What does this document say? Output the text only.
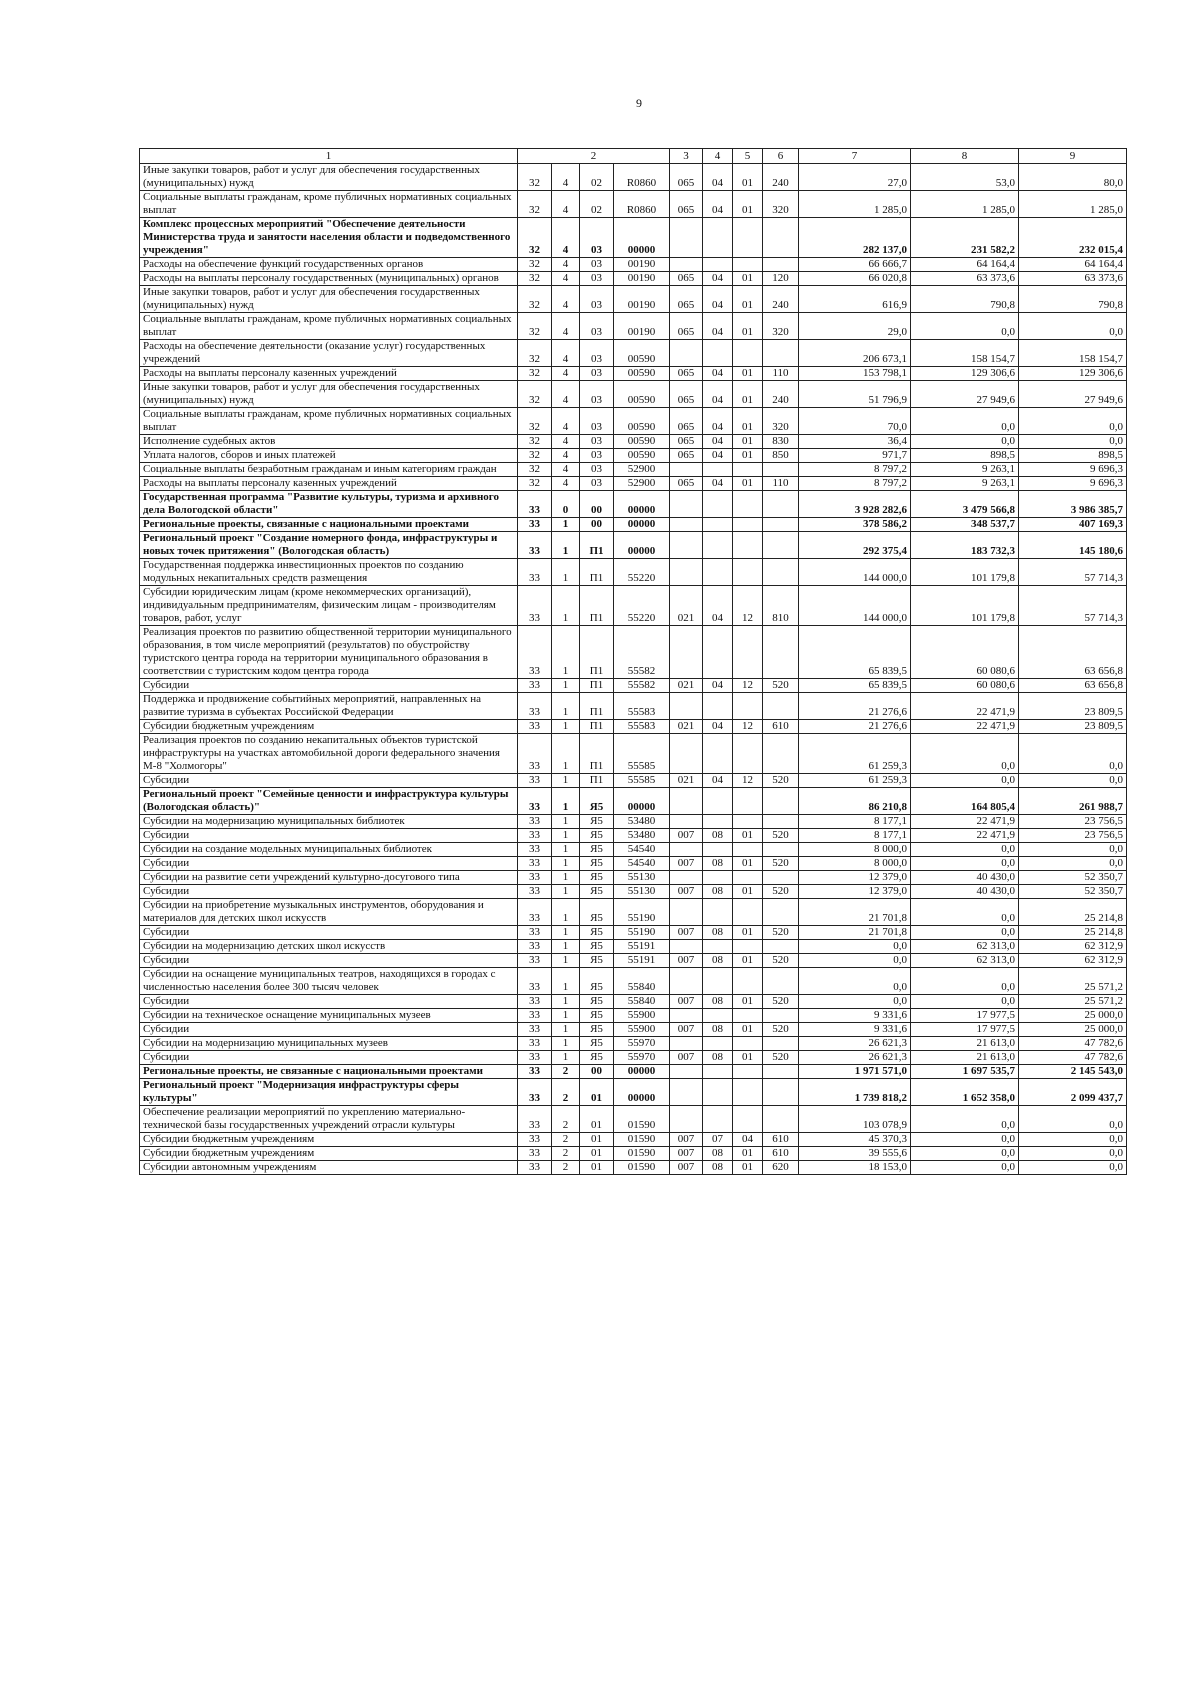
9
1	2				3	4	5	6	7	8	9
Иные закупки товаров, работ и услуг для обеспечения государственных (муниципальных) нужд	32	4	02	R0860	065	04	01	240	27,0	53,0	80,0
Социальные выплаты гражданам, кроме публичных нормативных социальных выплат	32	4	02	R0860	065	04	01	320	1 285,0	1 285,0	1 285,0
Комплекс процессных мероприятий "Обеспечение деятельности Министерства труда и занятости населения области и подведомственного учреждения"	32	4	03	00000					282 137,0	231 582,2	232 015,4
Расходы на обеспечение функций государственных органов	32	4	03	00190					66 666,7	64 164,4	64 164,4
Расходы на выплаты персоналу государственных (муниципальных) органов	32	4	03	00190	065	04	01	120	66 020,8	63 373,6	63 373,6
Иные закупки товаров, работ и услуг для обеспечения государственных (муниципальных) нужд	32	4	03	00190	065	04	01	240	616,9	790,8	790,8
Социальные выплаты гражданам, кроме публичных нормативных социальных выплат	32	4	03	00190	065	04	01	320	29,0	0,0	0,0
Расходы на обеспечение деятельности (оказание услуг) государственных учреждений	32	4	03	00590					206 673,1	158 154,7	158 154,7
Расходы на выплаты персоналу казенных учреждений	32	4	03	00590	065	04	01	110	153 798,1	129 306,6	129 306,6
Иные закупки товаров, работ и услуг для обеспечения государственных (муниципальных) нужд	32	4	03	00590	065	04	01	240	51 796,9	27 949,6	27 949,6
Социальные выплаты гражданам, кроме публичных нормативных социальных выплат	32	4	03	00590	065	04	01	320	70,0	0,0	0,0
Исполнение судебных актов	32	4	03	00590	065	04	01	830	36,4	0,0	0,0
Уплата налогов, сборов и иных платежей	32	4	03	00590	065	04	01	850	971,7	898,5	898,5
Социальные выплаты безработным гражданам и иным категориям граждан	32	4	03	52900					8 797,2	9 263,1	9 696,3
Расходы на выплаты персоналу казенных учреждений	32	4	03	52900	065	04	01	110	8 797,2	9 263,1	9 696,3
Государственная программа "Развитие культуры, туризма и архивного дела Вологодской области"	33	0	00	00000					3 928 282,6	3 479 566,8	3 986 385,7
Региональные проекты, связанные с национальными проектами	33	1	00	00000					378 586,2	348 537,7	407 169,3
Региональный проект "Создание номерного фонда, инфраструктуры и новых точек притяжения" (Вологодская область)	33	1	П1	00000					292 375,4	183 732,3	145 180,6
Государственная поддержка инвестиционных проектов по созданию модульных некапитальных средств размещения	33	1	П1	55220					144 000,0	101 179,8	57 714,3
Субсидии юридическим лицам (кроме некоммерческих организаций), индивидуальным предпринимателям, физическим лицам - производителям товаров, работ, услуг	33	1	П1	55220	021	04	12	810	144 000,0	101 179,8	57 714,3
Реализация проектов по развитию общественной территории муниципального образования, в том числе мероприятий (результатов) по обустройству туристского центра города на территории муниципального образования в соответствии с туристским кодом центра города	33	1	П1	55582					65 839,5	60 080,6	63 656,8
Субсидии	33	1	П1	55582	021	04	12	520	65 839,5	60 080,6	63 656,8
Поддержка и продвижение событийных мероприятий, направленных на развитие туризма в субъектах Российской Федерации	33	1	П1	55583					21 276,6	22 471,9	23 809,5
Субсидии бюджетным учреждениям	33	1	П1	55583	021	04	12	610	21 276,6	22 471,9	23 809,5
Реализация проектов по созданию некапитальных объектов туристской инфраструктуры на участках автомобильной дороги федерального значения М-8 "Холмогоры"	33	1	П1	55585					61 259,3	0,0	0,0
Субсидии	33	1	П1	55585	021	04	12	520	61 259,3	0,0	0,0
Региональный проект "Семейные ценности и инфраструктура культуры (Вологодская область)"	33	1	Я5	00000					86 210,8	164 805,4	261 988,7
Субсидии на модернизацию муниципальных библиотек	33	1	Я5	53480					8 177,1	22 471,9	23 756,5
Субсидии	33	1	Я5	53480	007	08	01	520	8 177,1	22 471,9	23 756,5
Субсидии на создание модельных муниципальных библиотек	33	1	Я5	54540					8 000,0	0,0	0,0
Субсидии	33	1	Я5	54540	007	08	01	520	8 000,0	0,0	0,0
Субсидии на развитие сети учреждений культурно-досугового типа	33	1	Я5	55130					12 379,0	40 430,0	52 350,7
Субсидии	33	1	Я5	55130	007	08	01	520	12 379,0	40 430,0	52 350,7
Субсидии на приобретение музыкальных инструментов, оборудования и материалов для детских школ искусств	33	1	Я5	55190					21 701,8	0,0	25 214,8
Субсидии	33	1	Я5	55190	007	08	01	520	21 701,8	0,0	25 214,8
Субсидии на модернизацию детских школ искусств	33	1	Я5	55191					0,0	62 313,0	62 312,9
Субсидии	33	1	Я5	55191	007	08	01	520	0,0	62 313,0	62 312,9
Субсидии на оснащение муниципальных театров, находящихся в городах с численностью населения более 300 тысяч человек	33	1	Я5	55840					0,0	0,0	25 571,2
Субсидии	33	1	Я5	55840	007	08	01	520	0,0	0,0	25 571,2
Субсидии на техническое оснащение муниципальных музеев	33	1	Я5	55900					9 331,6	17 977,5	25 000,0
Субсидии	33	1	Я5	55900	007	08	01	520	9 331,6	17 977,5	25 000,0
Субсидии на модернизацию муниципальных музеев	33	1	Я5	55970					26 621,3	21 613,0	47 782,6
Субсидии	33	1	Я5	55970	007	08	01	520	26 621,3	21 613,0	47 782,6
Региональные проекты, не связанные с национальными проектами	33	2	00	00000					1 971 571,0	1 697 535,7	2 145 543,0
Региональный проект "Модернизация инфраструктуры сферы культуры"	33	2	01	00000					1 739 818,2	1 652 358,0	2 099 437,7
Обеспечение реализации мероприятий по укреплению материально-технической базы государственных учреждений отрасли культуры	33	2	01	01590					103 078,9	0,0	0,0
Субсидии бюджетным учреждениям	33	2	01	01590	007	07	04	610	45 370,3	0,0	0,0
Субсидии бюджетным учреждениям	33	2	01	01590	007	08	01	610	39 555,6	0,0	0,0
Субсидии автономным учреждениям	33	2	01	01590	007	08	01	620	18 153,0	0,0	0,0
